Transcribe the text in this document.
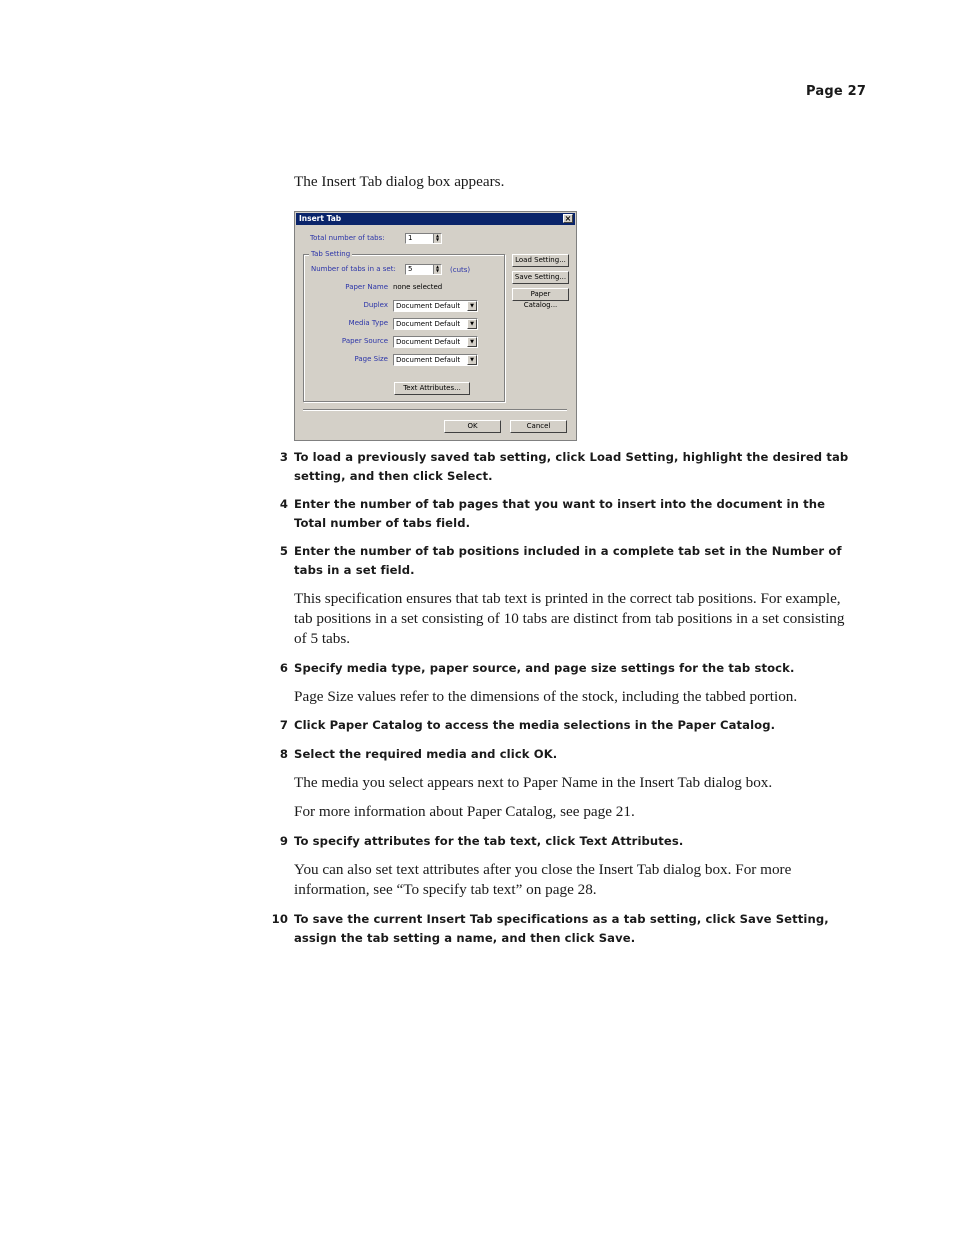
Page 27
The Insert Tab dialog box appears.
Insert Tab	×
Total number of tabs:	1	▲
▼
Tab Setting
Number of tabs in a set: 5	▲
▼ (cuts)
Paper Name none selected
Duplex Document Default	▼
Media Type Document Default	▼
Paper Source Document Default	▼
Page Size Document Default	▼
Text Attributes...
Load Setting...
Save Setting...
Paper Catalog...
OK	Cancel
3 To load a previously saved tab setting, click Load Setting, highlight the desired tab setting, and then click Select.
4 Enter the number of tab pages that you want to insert into the document in the Total number of tabs field.
5 Enter the number of tab positions included in a complete tab set in the Number of tabs in a set field.
This specification ensures that tab text is printed in the correct tab positions. For example, tab positions in a set consisting of 10 tabs are distinct from tab positions in a set consisting of 5 tabs.
6 Specify media type, paper source, and page size settings for the tab stock.
Page Size values refer to the dimensions of the stock, including the tabbed portion.
7 Click Paper Catalog to access the media selections in the Paper Catalog.
8 Select the required media and click OK.
The media you select appears next to Paper Name in the Insert Tab dialog box.
For more information about Paper Catalog, see page 21.
9 To specify attributes for the tab text, click Text Attributes.
You can also set text attributes after you close the Insert Tab dialog box. For more information, see “To specify tab text” on page 28.
10 To save the current Insert Tab specifications as a tab setting, click Save Setting, assign the tab setting a name, and then click Save.
